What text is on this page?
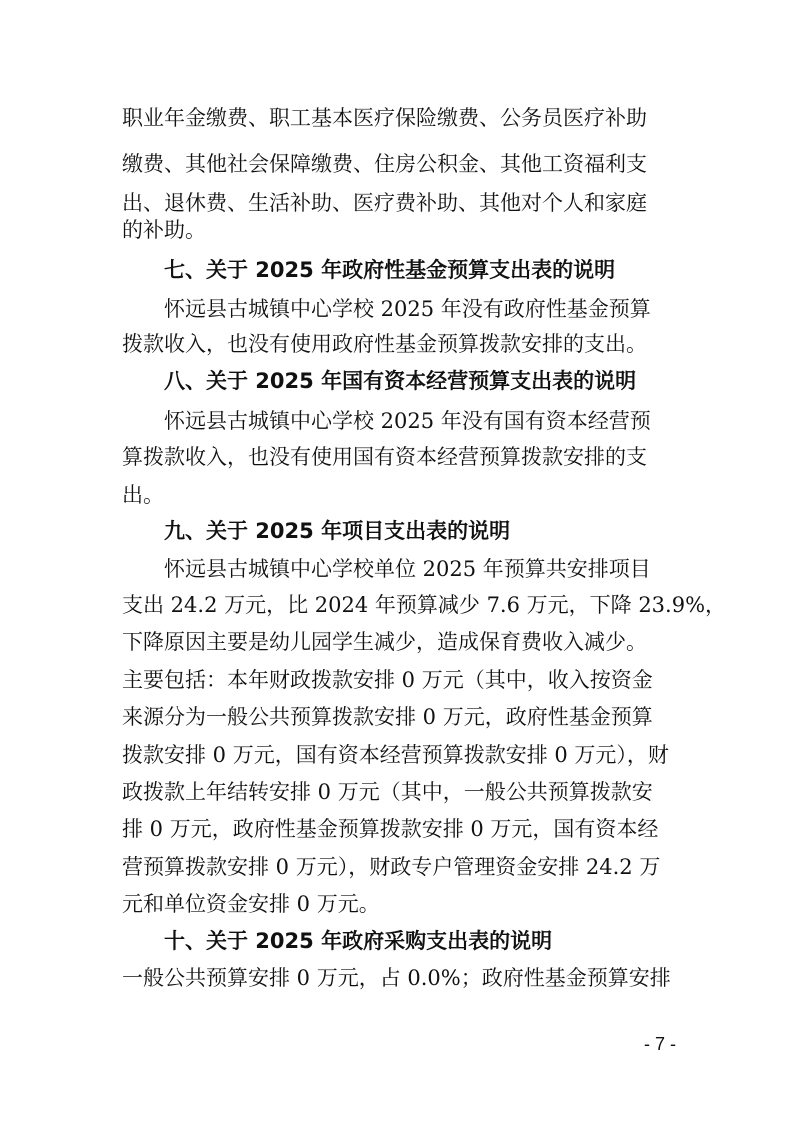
职业年金缴费、职工基本医疗保险缴费、公务员医疗补助
缴费、其他社会保障缴费、住房公积金、其他工资福利支
出、退休费、生活补助、医疗费补助、其他对个人和家庭
的补助。
七、关于 2025 年政府性基金预算支出表的说明
怀远县古城镇中心学校 2025 年没有政府性基金预算
拨款收入，也没有使用政府性基金预算拨款安排的支出。
八、关于 2025 年国有资本经营预算支出表的说明
怀远县古城镇中心学校 2025 年没有国有资本经营预
算拨款收入，也没有使用国有资本经营预算拨款安排的支
出。
九、关于 2025 年项目支出表的说明
怀远县古城镇中心学校单位 2025 年预算共安排项目
支出 24.2 万元，比 2024 年预算减少 7.6 万元，下降 23.9%，
下降原因主要是幼儿园学生减少，造成保育费收入减少。
主要包括：本年财政拨款安排 0 万元（其中，收入按资金
来源分为一般公共预算拨款安排 0 万元，政府性基金预算
拨款安排 0 万元，国有资本经营预算拨款安排 0 万元），财
政拨款上年结转安排 0 万元（其中，一般公共预算拨款安
排 0 万元，政府性基金预算拨款安排 0 万元，国有资本经
营预算拨款安排 0 万元），财政专户管理资金安排 24.2 万
元和单位资金安排 0 万元。
十、关于 2025 年政府采购支出表的说明
一般公共预算安排 0 万元，占 0.0%；政府性基金预算安排
- 7 -
